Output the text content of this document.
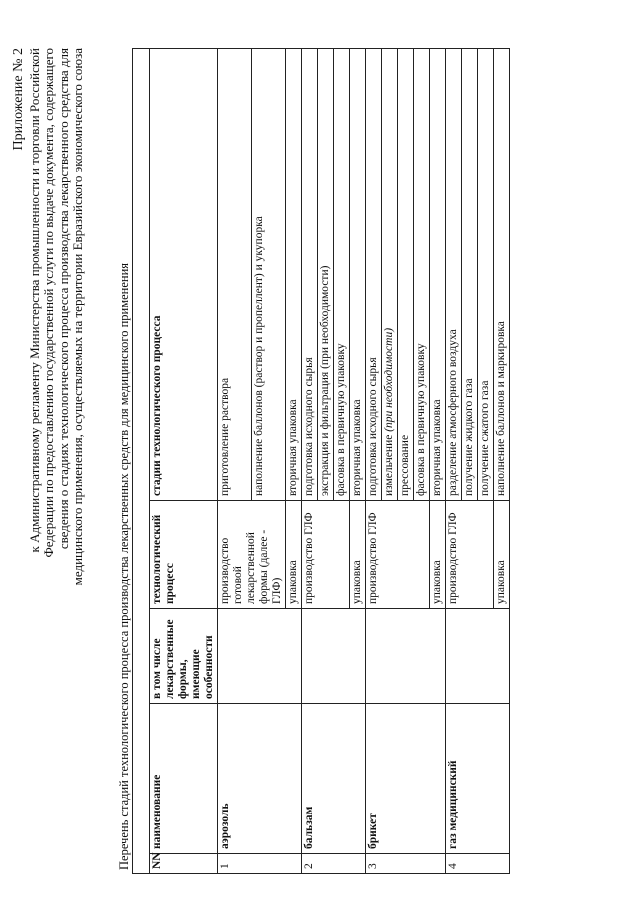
Приложение № 2 к Административному регламенту Министерства промышленности и торговли Российской Федерации по предоставлению государственной услуги по выдаче документа, содержащего сведения о стадиях технологического процесса производства лекарственного средства для медицинского применения, осуществляемых на территории Евразийского экономического союза	Перечень стадий технологического процесса производства лекарственных средств для медицинского применения NN	наименование	в том числе лекарственные формы, имеющие особенности	технологический процесс	стадии технологического процесса
1	аэрозоль		производство готовой лекарственной формы (далее - ГЛФ)	приготовление раствора
				наполнение баллонов (раствор и пропеллент) и укупорка
			упаковка	вторичная упаковка
2	бальзам		производство ГЛФ	подготовка исходного сырья
				экстракция и фильтрация (при необходимости)
				фасовка в первичную упаковку
			упаковка	вторичная упаковка
3	брикет		производство ГЛФ	подготовка исходного сырья
				измельчение (при необходимости)
				прессование
				фасовка в первичную упаковку
			упаковка	вторичная упаковка
4	газ медицинский		производство ГЛФ	разделение атмосферного воздуха
				получение жидкого газа
				получение сжатого газа
			упаковка	наполнение баллонов и маркировка
